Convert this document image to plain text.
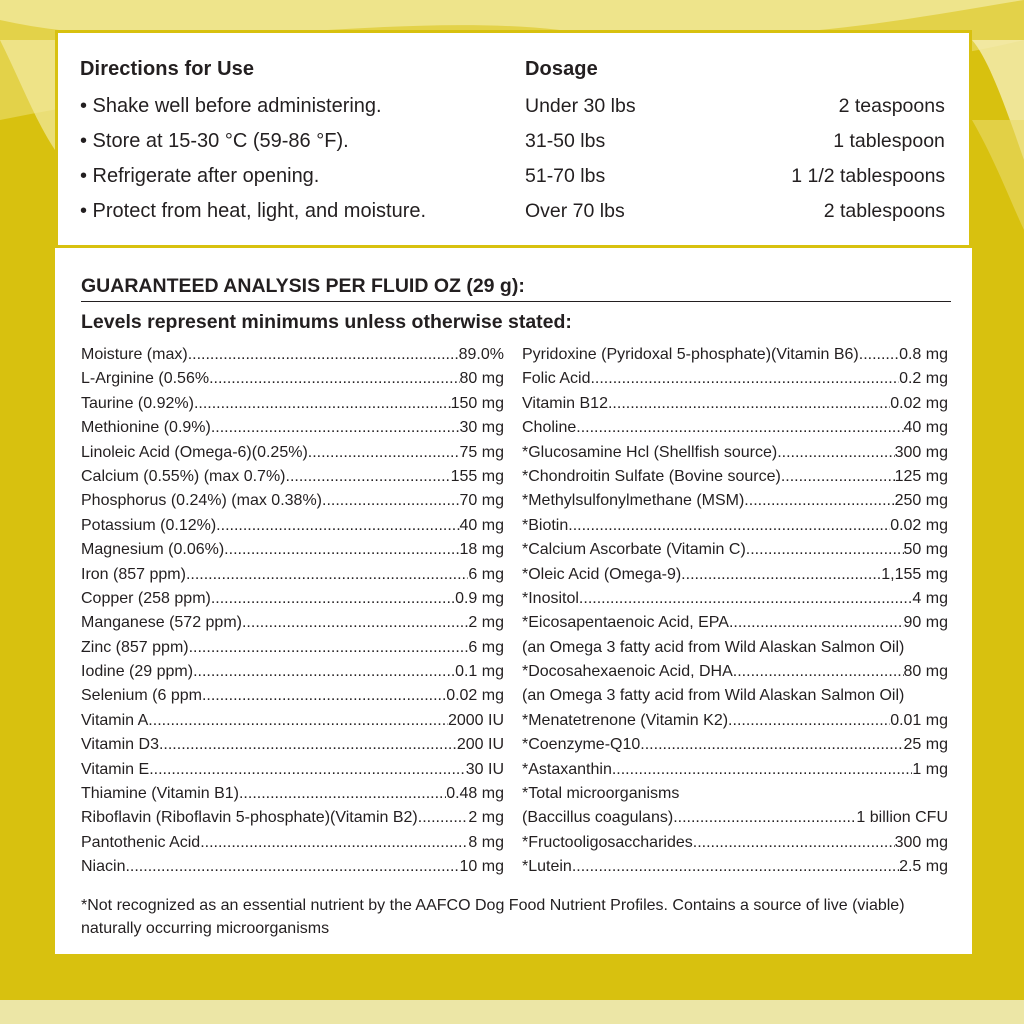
Directions for Use
• Shake well before administering.
• Store at 15-30 °C (59-86 °F).
• Refrigerate after opening.
• Protect from heat, light, and moisture.
Dosage
Under 30 lbs	2 teaspoons
31-50 lbs	1 tablespoon
51-70 lbs	1 1/2 tablespoons
Over 70 lbs	2 tablespoons
GUARANTEED ANALYSIS PER FLUID OZ (29 g):
Levels represent minimums unless otherwise stated:
Moisture (max) .....	89.0%
L-Arginine (0.56% .....	80 mg
Taurine (0.92%) .....	150 mg
Methionine (0.9%) .....	30 mg
Linoleic Acid (Omega-6)(0.25%) .....	75 mg
Calcium (0.55%) (max 0.7%) .....	155 mg
Phosphorus (0.24%) (max 0.38%) .....	70 mg
Potassium (0.12%) .....	40 mg
Magnesium (0.06%) .....	18 mg
Iron (857 ppm) .....	6 mg
Copper (258 ppm) .....	0.9 mg
Manganese (572 ppm) .....	2 mg
Zinc (857 ppm) .....	6 mg
Iodine (29 ppm) .....	0.1 mg
Selenium (6 ppm .....	0.02 mg
Vitamin A .....	2000 IU
Vitamin D3 .....	200 IU
Vitamin E .....	30 IU
Thiamine (Vitamin B1) .....	0.48 mg
Riboflavin (Riboflavin 5-phosphate)(Vitamin B2) .....	2 mg
Pantothenic Acid .....	8 mg
Niacin .....	10 mg
Pyridoxine (Pyridoxal 5-phosphate)(Vitamin B6) .....	0.8 mg
Folic Acid .....	0.2 mg
Vitamin B12 .....	0.02 mg
Choline .....	40 mg
*Glucosamine Hcl (Shellfish source) .....	300 mg
*Chondroitin Sulfate (Bovine source) .....	125 mg
*Methylsulfonylmethane (MSM) .....	250 mg
*Biotin .....	0.02 mg
*Calcium Ascorbate (Vitamin C) .....	50 mg
*Oleic Acid (Omega-9) .....	1,155 mg
*Inositol .....	4 mg
*Eicosapentaenoic Acid, EPA .....	90 mg
(an Omega 3 fatty acid from Wild Alaskan Salmon Oil)
*Docosahexaenoic Acid, DHA .....	80 mg
(an Omega 3 fatty acid from Wild Alaskan Salmon Oil)
*Menatetrenone (Vitamin K2) .....	0.01 mg
*Coenzyme-Q10 .....	25 mg
*Astaxanthin .....	1 mg
*Total microorganisms
(Baccillus coagulans) .....	1 billion CFU
*Fructooligosaccharides .....	300 mg
*Lutein .....	2.5 mg
*Not recognized as an essential nutrient by the AAFCO Dog Food Nutrient Profiles. Contains a source of live (viable) naturally occurring microorganisms
